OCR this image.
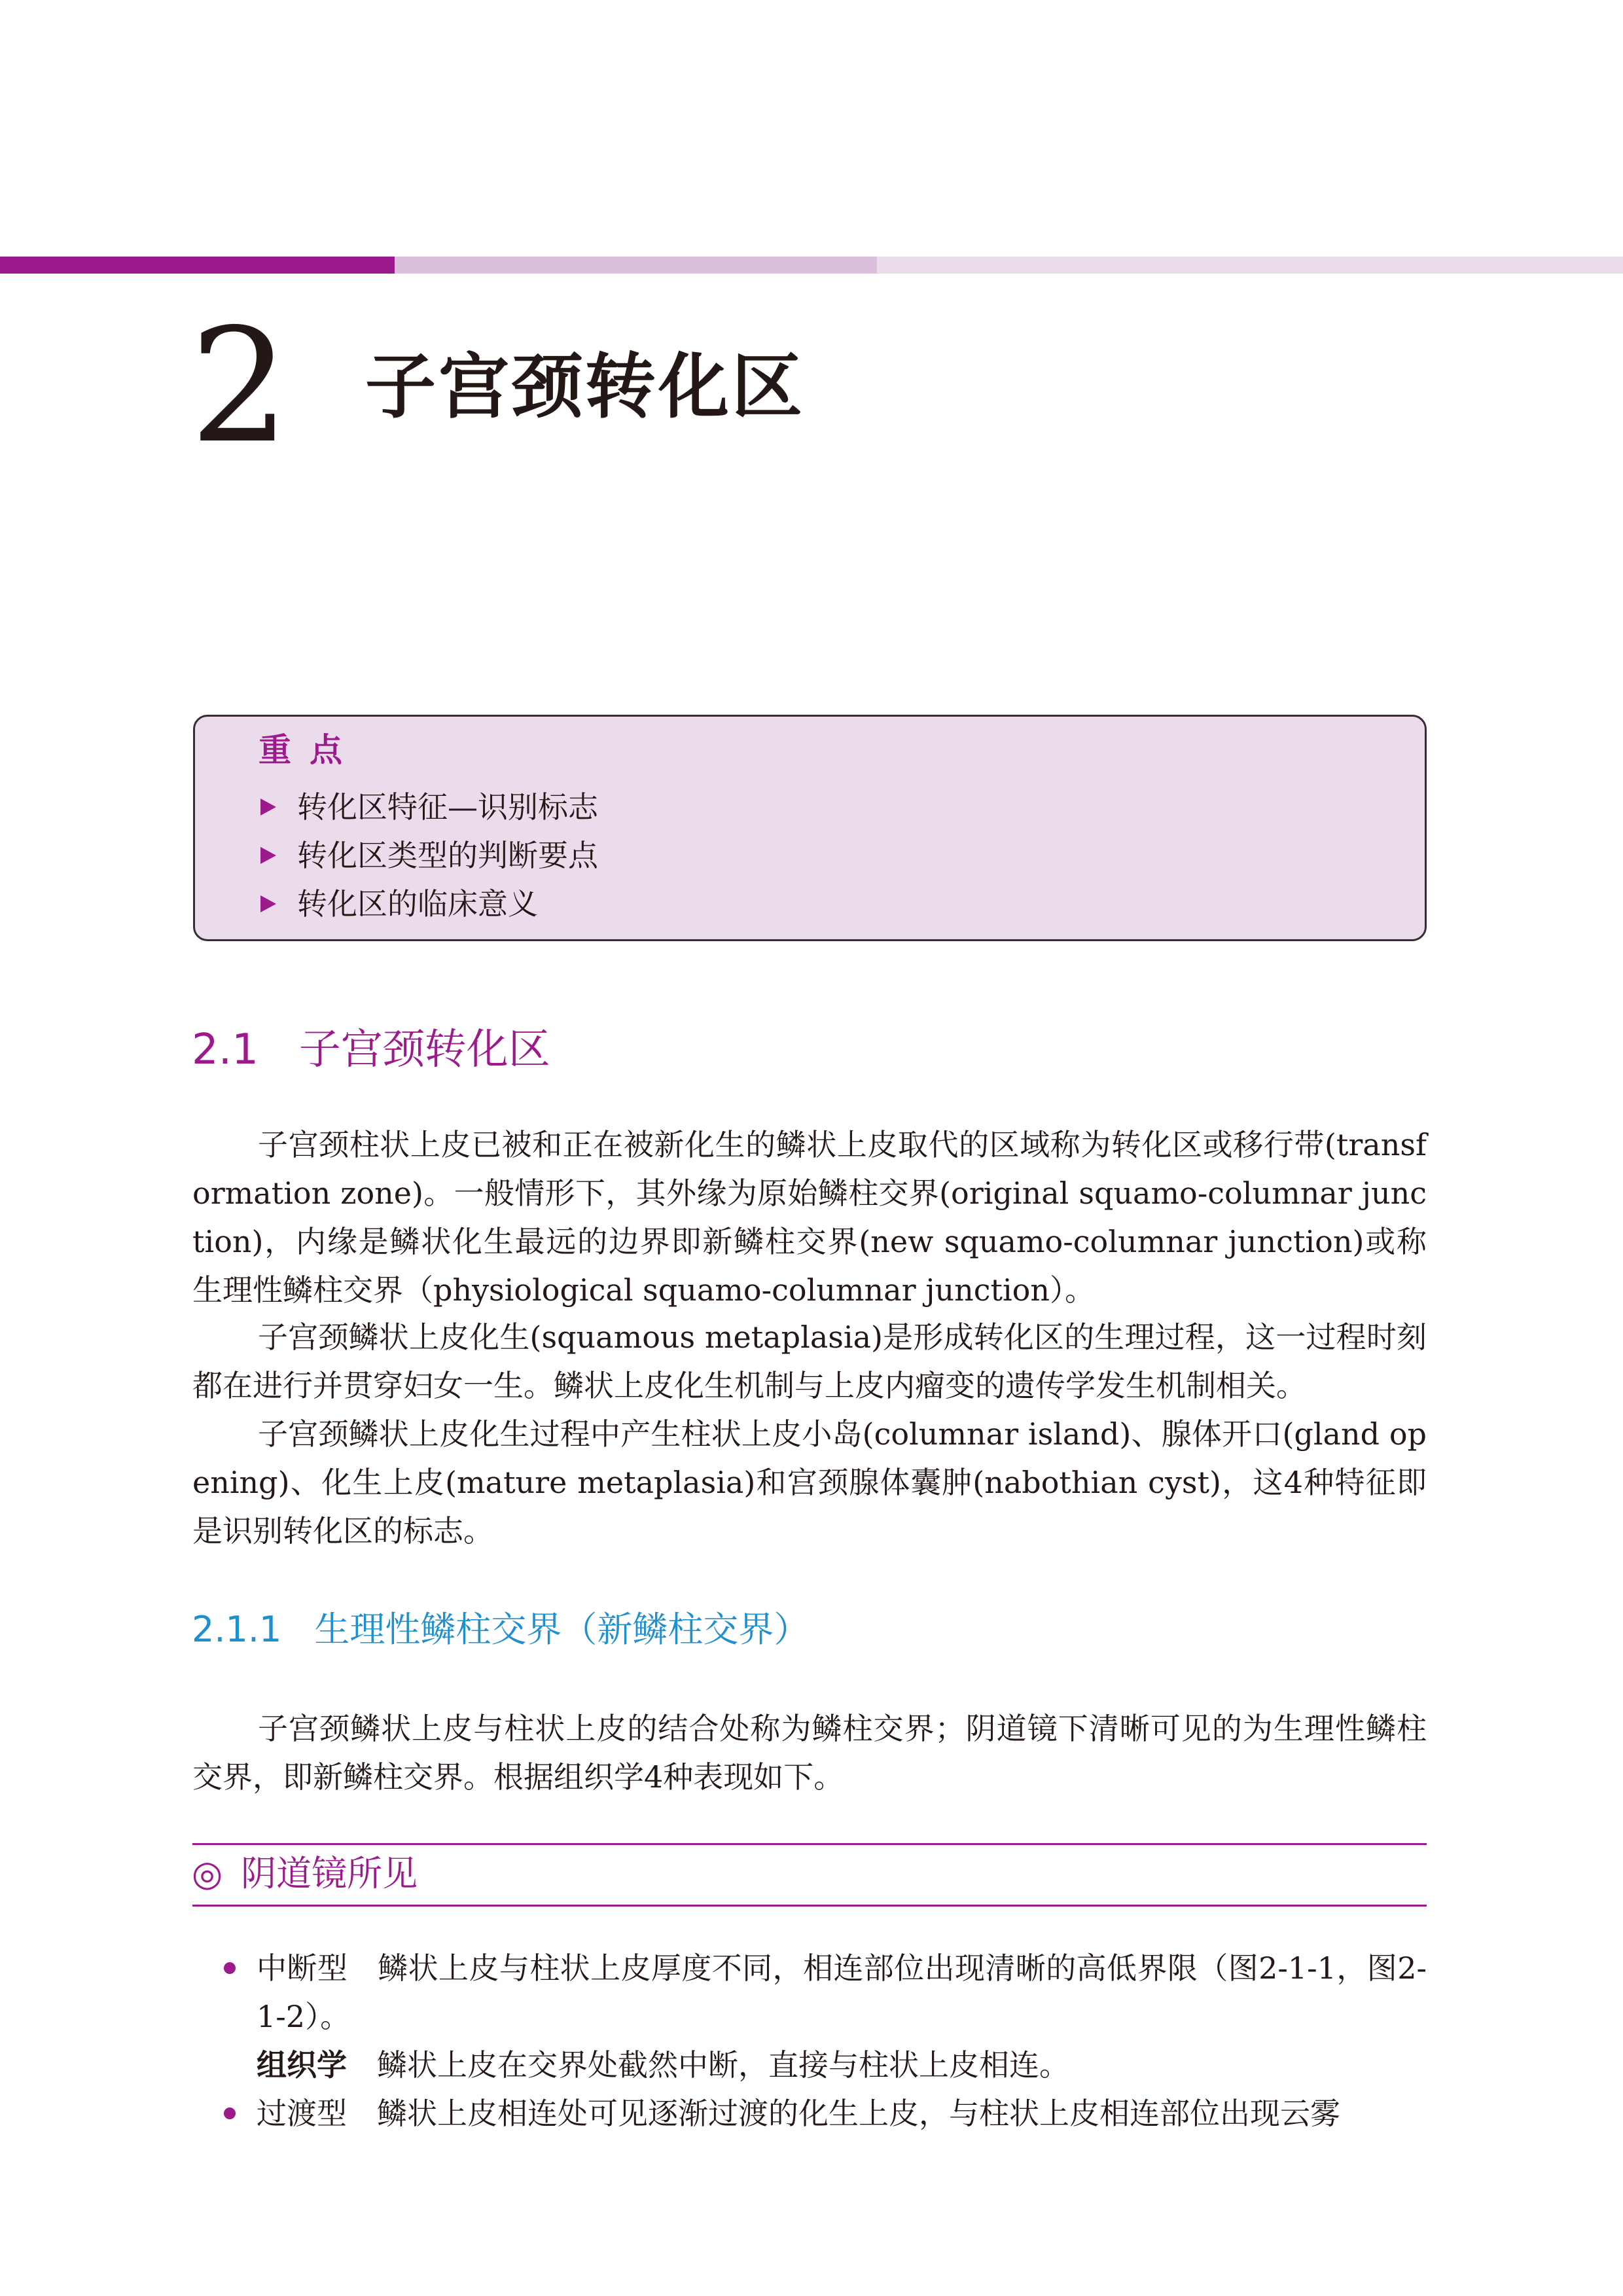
2 子宫颈转化区
重点
转化区特征—识别标志
转化区类型的判断要点
转化区的临床意义
2.1 子宫颈转化区

子宫颈柱状上皮已被和正在被新化生的鳞状上皮取代的区域称为转化区或移行带(transformation zone)。一般情形下，其外缘为原始鳞柱交界(original squamo-columnar junction)，内缘是鳞状化生最远的边界即新鳞柱交界(new squamo-columnar junction)或称生理性鳞柱交界（physiological squamo-columnar junction）。

子宫颈鳞状上皮化生(squamous metaplasia)是形成转化区的生理过程，这一过程时刻都在进行并贯穿妇女一生。鳞状上皮化生机制与上皮内瘤变的遗传学发生机制相关。

子宫颈鳞状上皮化生过程中产生柱状上皮小岛(columnar island)、腺体开口(gland opening)、化生上皮(mature metaplasia)和宫颈腺体囊肿(nabothian cyst)，这4种特征即是识别转化区的标志。

2.1.1 生理性鳞柱交界（新鳞柱交界）

子宫颈鳞状上皮与柱状上皮的结合处称为鳞柱交界；阴道镜下清晰可见的为生理性鳞柱交界，即新鳞柱交界。根据组织学4种表现如下。

◎ 阴道镜所见
中断型 鳞状上皮与柱状上皮厚度不同，相连部位出现清晰的高低界限（图2-1-1，图2-1-2）。
组织学 鳞状上皮在交界处截然中断，直接与柱状上皮相连。
过渡型 鳞状上皮相连处可见逐渐过渡的化生上皮，与柱状上皮相连部位出现云雾
